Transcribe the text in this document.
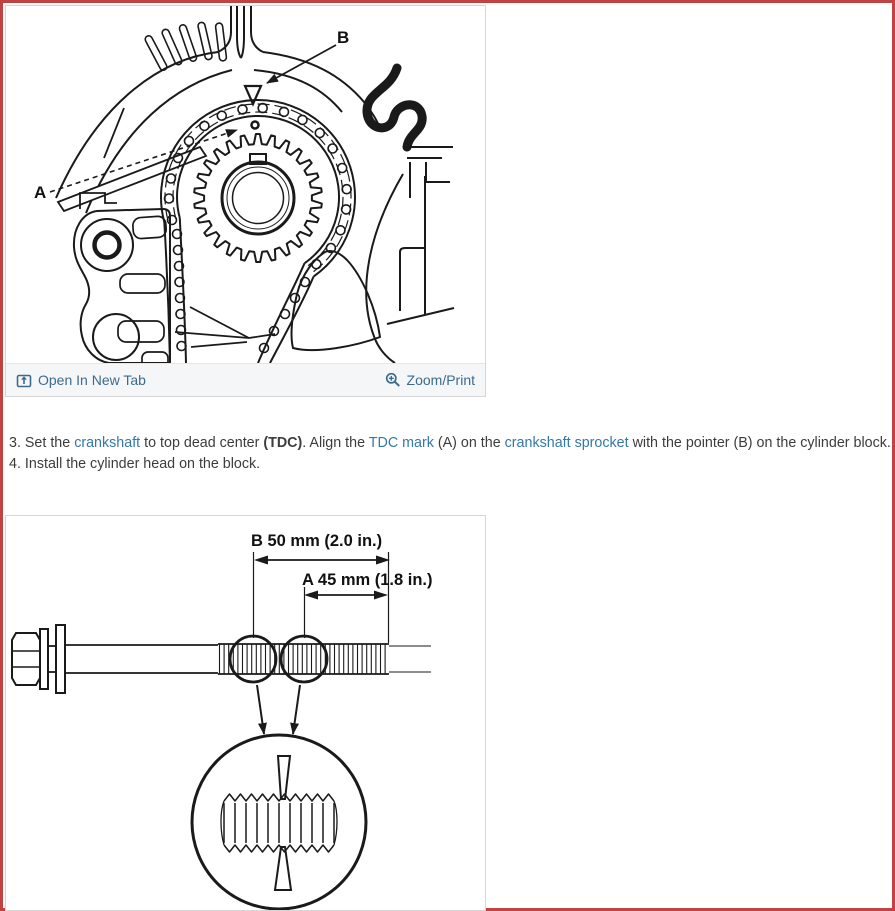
A
B
Open In New Tab	Zoom/Print
3. Set the crankshaft to top dead center (TDC). Align the TDC mark (A) on the crankshaft sprocket with the pointer (B) on the cylinder block.
4. Install the cylinder head on the block.
B 50 mm (2.0 in.)
A 45 mm (1.8 in.)
